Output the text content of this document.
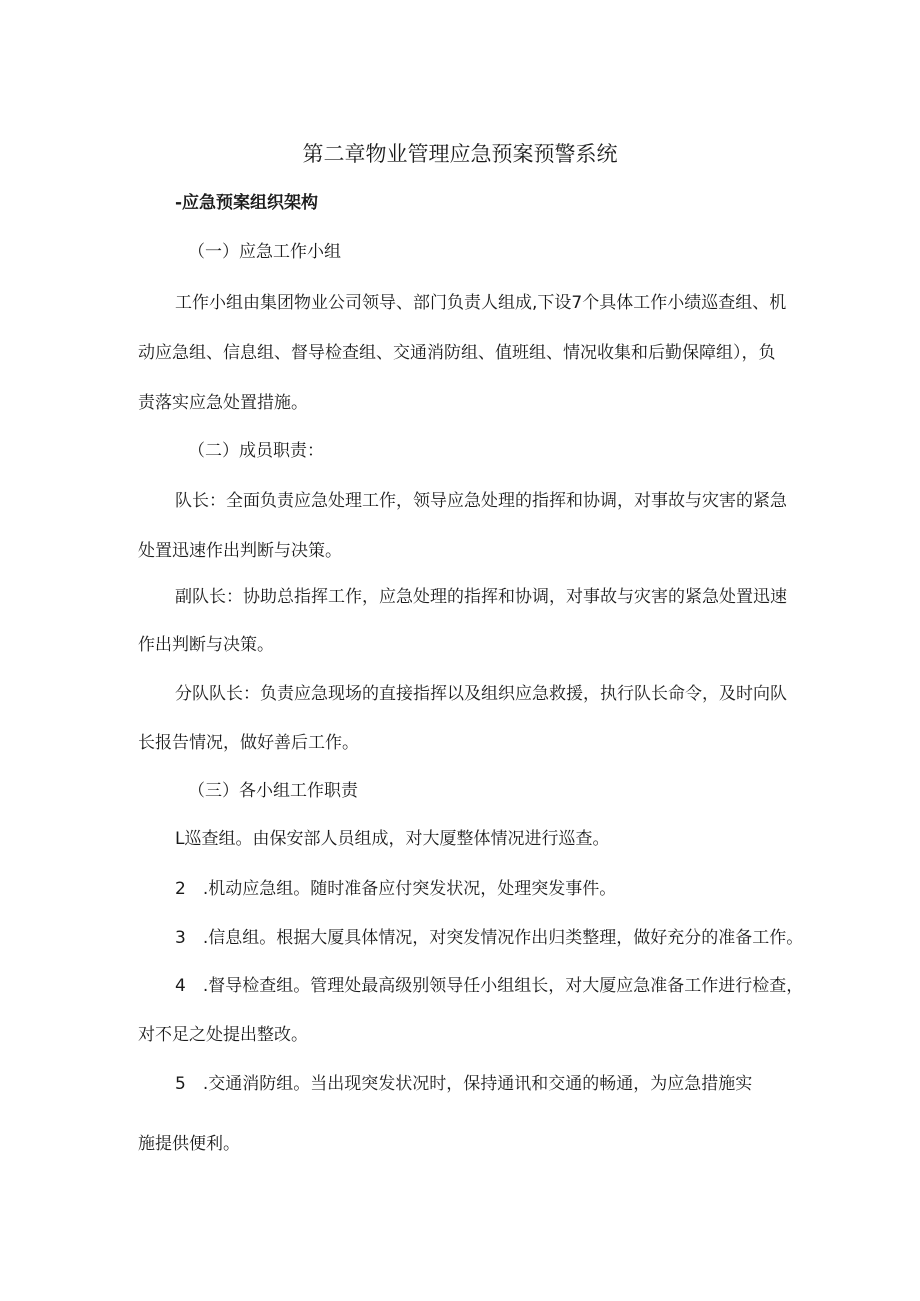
第二章物业管理应急预案预警系统
-应急预案组织架构
（一）应急工作小组
工作小组由集团物业公司领导、部门负责人组成,下设7个具体工作小绩巡查组、机
动应急组、信息组、督导检查组、交通消防组、值班组、情况收集和后勤保障组），负
责落实应急处置措施。
（二）成员职责：
队长：全面负责应急处理工作，领导应急处理的指挥和协调，对事故与灾害的紧急
处置迅速作出判断与决策。
副队长：协助总指挥工作，应急处理的指挥和协调，对事故与灾害的紧急处置迅速
作出判断与决策。
分队队长：负责应急现场的直接指挥以及组织应急救援，执行队长命令，及时向队
长报告情况，做好善后工作。
（三）各小组工作职责
L巡查组。由保安部人员组成，对大厦整体情况进行巡查。
2　.机动应急组。随时准备应付突发状况，处理突发事件。
3　.信息组。根据大厦具体情况，对突发情况作出归类整理，做好充分的准备工作。
4　.督导检查组。管理处最高级别领导任小组组长，对大厦应急准备工作进行检查，
对不足之处提出整改。
5　.交通消防组。当出现突发状况时，保持通讯和交通的畅通，为应急措施实
施提供便利。
